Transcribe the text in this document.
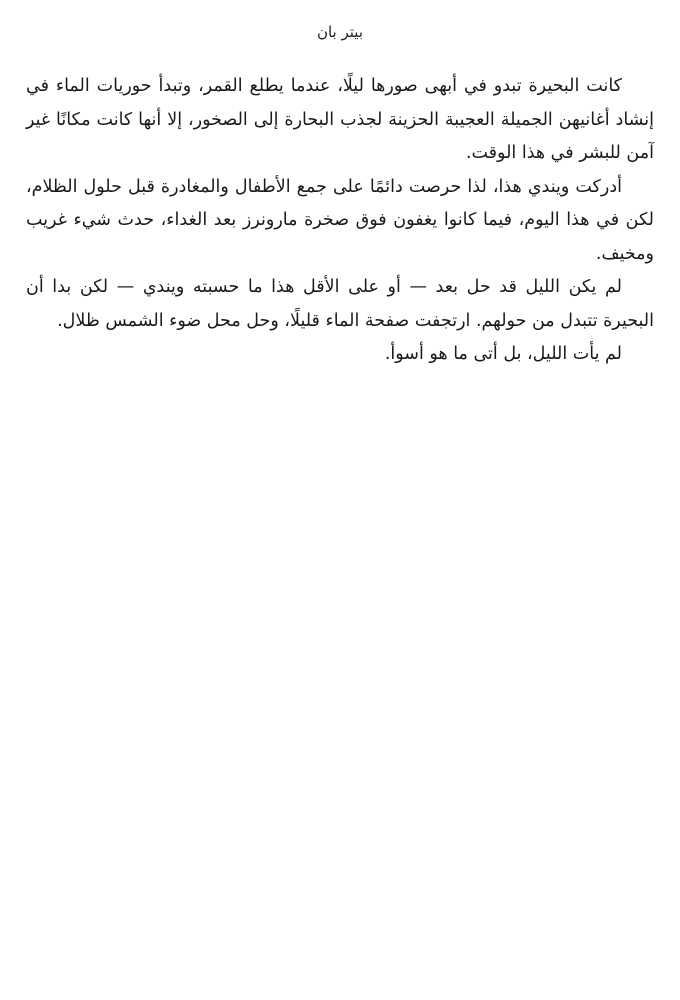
بيتر بان

كانت البحيرة تبدو في أبهى صورها ليلًا، عندما يطلع القمر، وتبدأ حوريات الماء في إنشاد أغانيهن الجميلة العجيبة الحزينة لجذب البحارة إلى الصخور، إلا أنها كانت مكانًا غير آمن للبشر في هذا الوقت.

أدركت ويندي هذا، لذا حرصت دائمًا على جمع الأطفال والمغادرة قبل حلول الظلام، لكن في هذا اليوم، فيما كانوا يغفون فوق صخرة مارونرز بعد الغداء، حدث شيء غريب ومخيف.

لم يكن الليل قد حل بعد — أو على الأقل هذا ما حسبته ويندي — لكن بدا أن البحيرة تتبدل من حولهم. ارتجفت صفحة الماء قليلًا، وحل محل ضوء الشمس ظلال.

لم يأت الليل، بل أتى ما هو أسوأ.
